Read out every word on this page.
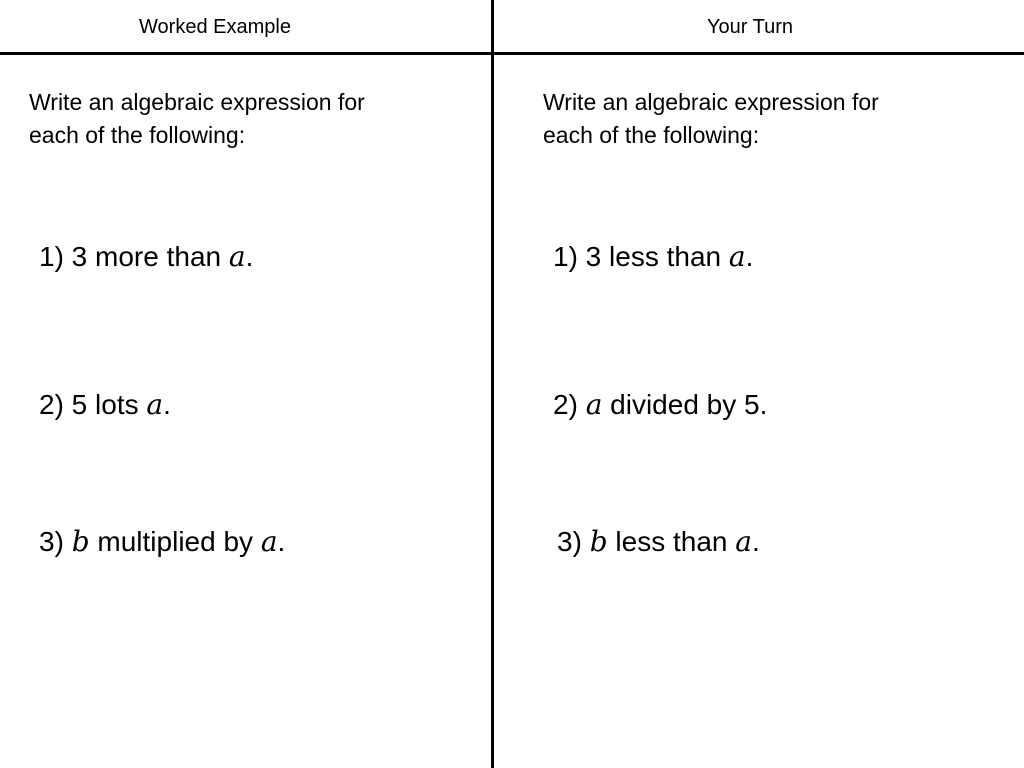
Worked Example
Write an algebraic expression for
each of the following:
1) 3 more than a.
2) 5 lots a.
3) b multiplied by a.
Your Turn
Write an algebraic expression for
each of the following:
1) 3 less than a.
2) a divided by 5.
3) b less than a.
